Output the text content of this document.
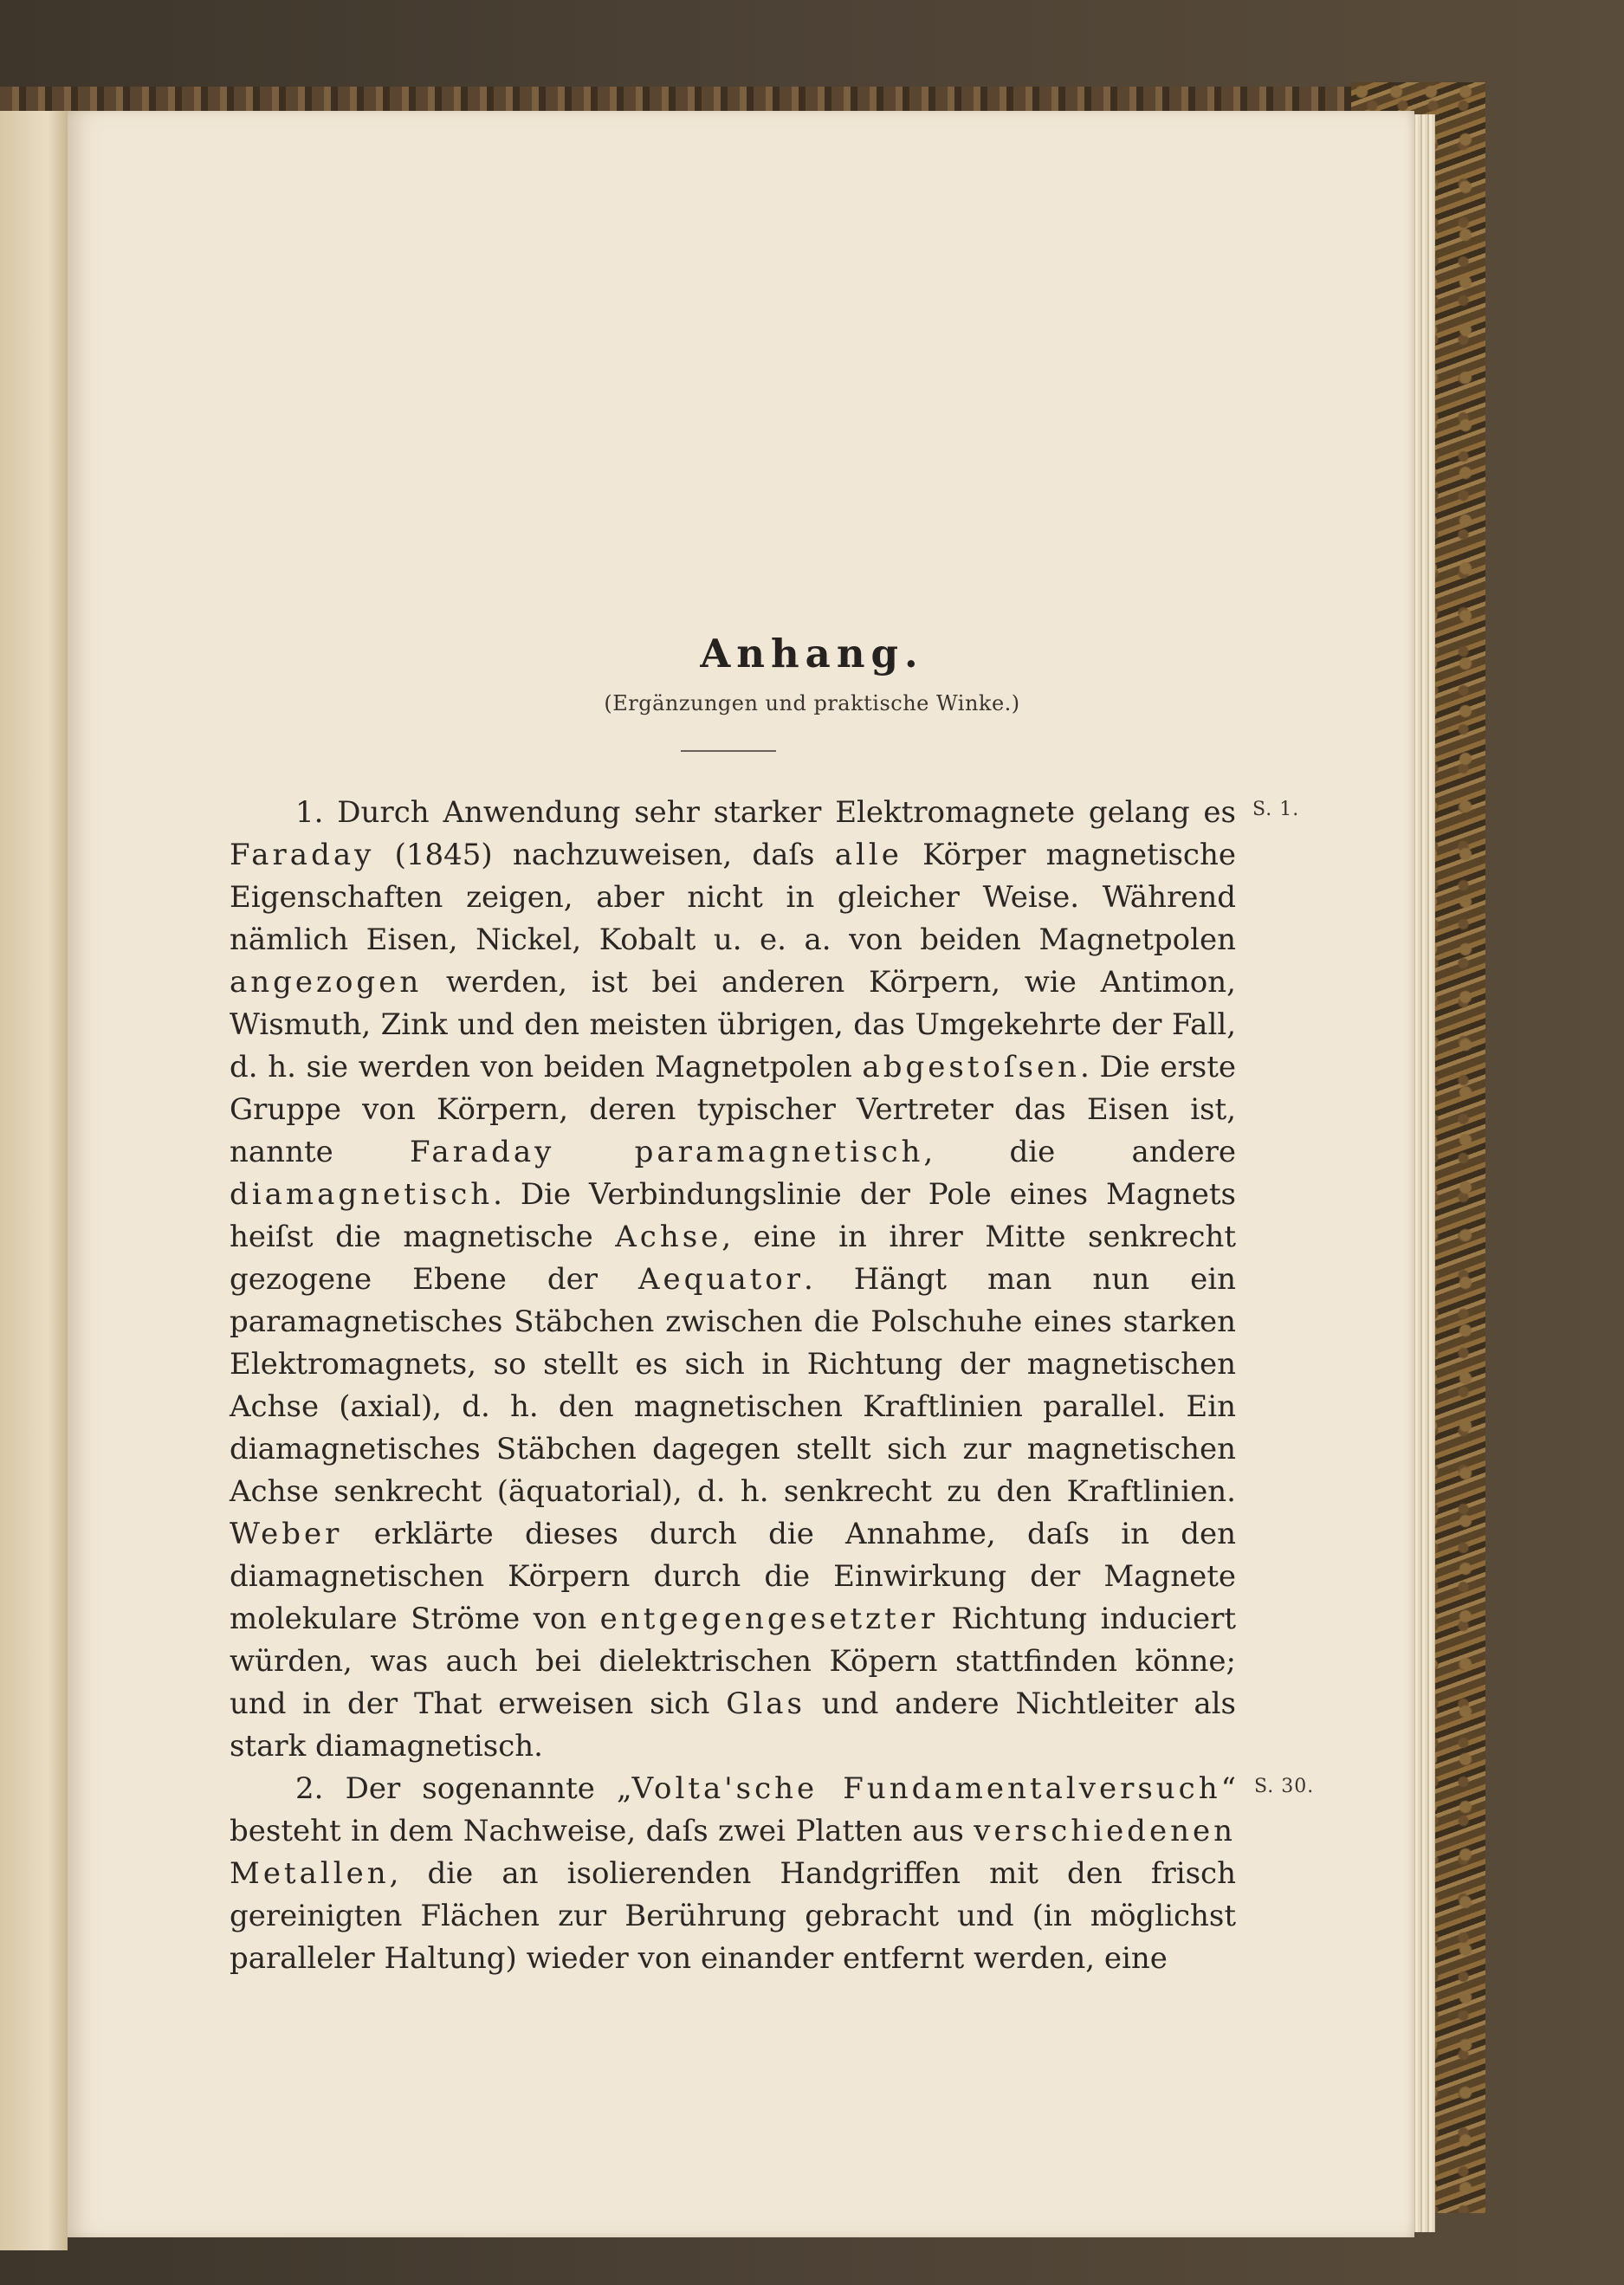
Anhang.
(Ergänzungen und praktische Winke.)

1. Durch Anwendung sehr starker Elektromagnete gelang es Faraday (1845) nachzuweisen, daſs alle Körper magnetische Eigenschaften zeigen, aber nicht in gleicher Weise. Während nämlich Eisen, Nickel, Kobalt u. e. a. von beiden Magnetpolen angezogen werden, ist bei anderen Körpern, wie Antimon, Wismuth, Zink und den meisten übrigen, das Umgekehrte der Fall, d. h. sie werden von beiden Magnetpolen abgestoſsen. Die erste Gruppe von Körpern, deren typischer Vertreter das Eisen ist, nannte Faraday paramagnetisch, die andere diamagnetisch. Die Verbindungslinie der Pole eines Magnets heiſst die magnetische Achse, eine in ihrer Mitte senkrecht gezogene Ebene der Aequator. Hängt man nun ein paramagnetisches Stäbchen zwischen die Polschuhe eines starken Elektromagnets, so stellt es sich in Richtung der magnetischen Achse (axial), d. h. den magnetischen Kraftlinien parallel. Ein diamagnetisches Stäbchen dagegen stellt sich zur magnetischen Achse senkrecht (äquatorial), d. h. senkrecht zu den Kraftlinien. Weber erklärte dieses durch die Annahme, daſs in den diamagnetischen Körpern durch die Einwirkung der Magnete molekulare Ströme von entgegengesetzter Richtung induciert würden, was auch bei dielektrischen Köpern stattfinden könne; und in der That erweisen sich Glas und andere Nichtleiter als stark diamagnetisch.

2. Der sogenannte „Volta'sche Fundamentalversuch“ besteht in dem Nachweise, daſs zwei Platten aus verschiedenen Metallen, die an isolierenden Handgriffen mit den frisch gereinigten Flächen zur Berührung gebracht und (in möglichst paralleler Haltung) wieder von einander entfernt werden, eine

S. 1.
S. 30.
